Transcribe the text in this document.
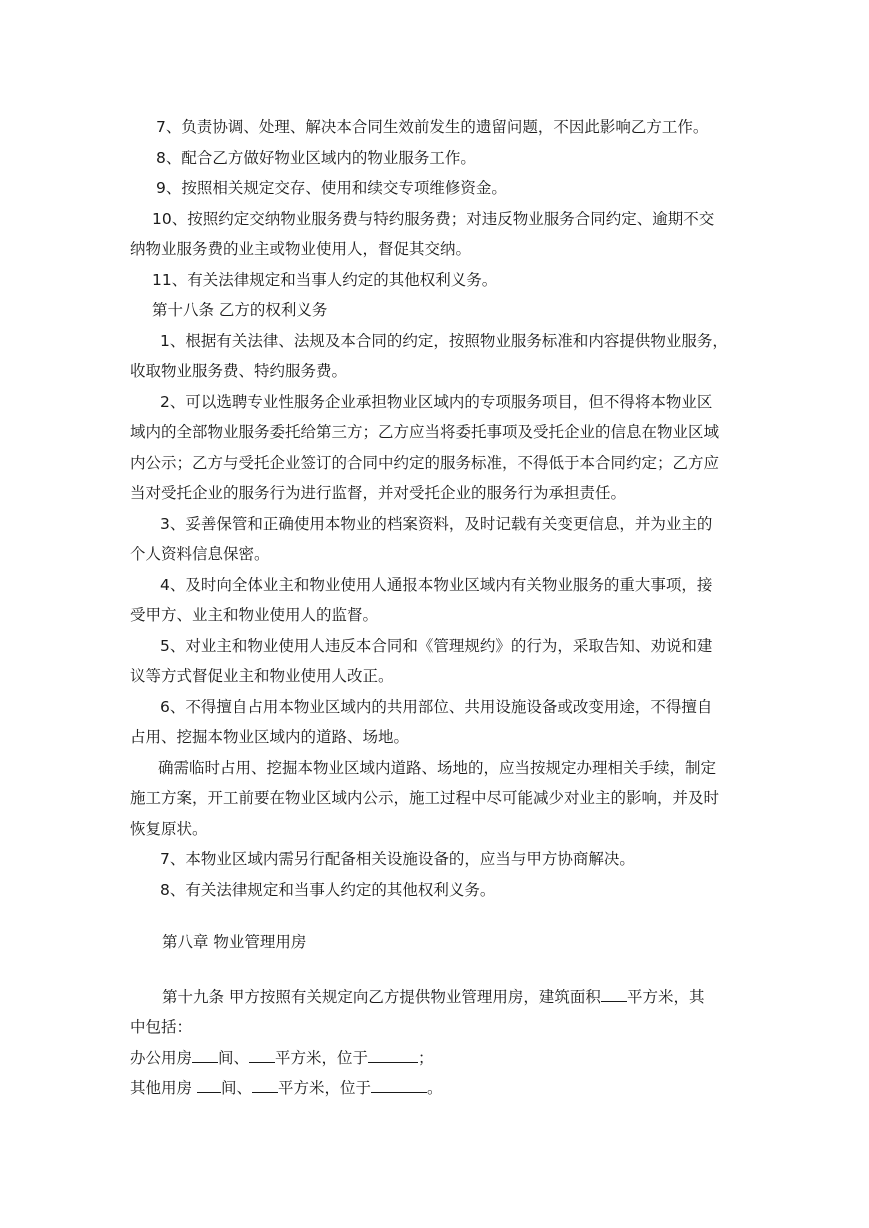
7、负责协调、处理、解决本合同生效前发生的遗留问题，不因此影响乙方工作。
8、配合乙方做好物业区域内的物业服务工作。
9、按照相关规定交存、使用和续交专项维修资金。
10、按照约定交纳物业服务费与特约服务费；对违反物业服务合同约定、逾期不交
纳物业服务费的业主或物业使用人，督促其交纳。
11、有关法律规定和当事人约定的其他权利义务。
第十八条 乙方的权利义务
1、根据有关法律、法规及本合同的约定，按照物业服务标准和内容提供物业服务，
收取物业服务费、特约服务费。
2、可以选聘专业性服务企业承担物业区域内的专项服务项目，但不得将本物业区
域内的全部物业服务委托给第三方；乙方应当将委托事项及受托企业的信息在物业区域
内公示；乙方与受托企业签订的合同中约定的服务标准，不得低于本合同约定；乙方应
当对受托企业的服务行为进行监督，并对受托企业的服务行为承担责任。
3、妥善保管和正确使用本物业的档案资料，及时记载有关变更信息，并为业主的
个人资料信息保密。
4、及时向全体业主和物业使用人通报本物业区域内有关物业服务的重大事项，接
受甲方、业主和物业使用人的监督。
5、对业主和物业使用人违反本合同和《管理规约》的行为，采取告知、劝说和建
议等方式督促业主和物业使用人改正。
6、不得擅自占用本物业区域内的共用部位、共用设施设备或改变用途，不得擅自
占用、挖掘本物业区域内的道路、场地。
确需临时占用、挖掘本物业区域内道路、场地的，应当按规定办理相关手续，制定
施工方案，开工前要在物业区域内公示，施工过程中尽可能减少对业主的影响，并及时
恢复原状。
7、本物业区域内需另行配备相关设施设备的，应当与甲方协商解决。
8、有关法律规定和当事人约定的其他权利义务。
第八章 物业管理用房
第十九条 甲方按照有关规定向乙方提供物业管理用房，建筑面积 平方米，其
中包括：
办公用房 间、 平方米，位于	；
其他用房 间、 平方米，位于	。
